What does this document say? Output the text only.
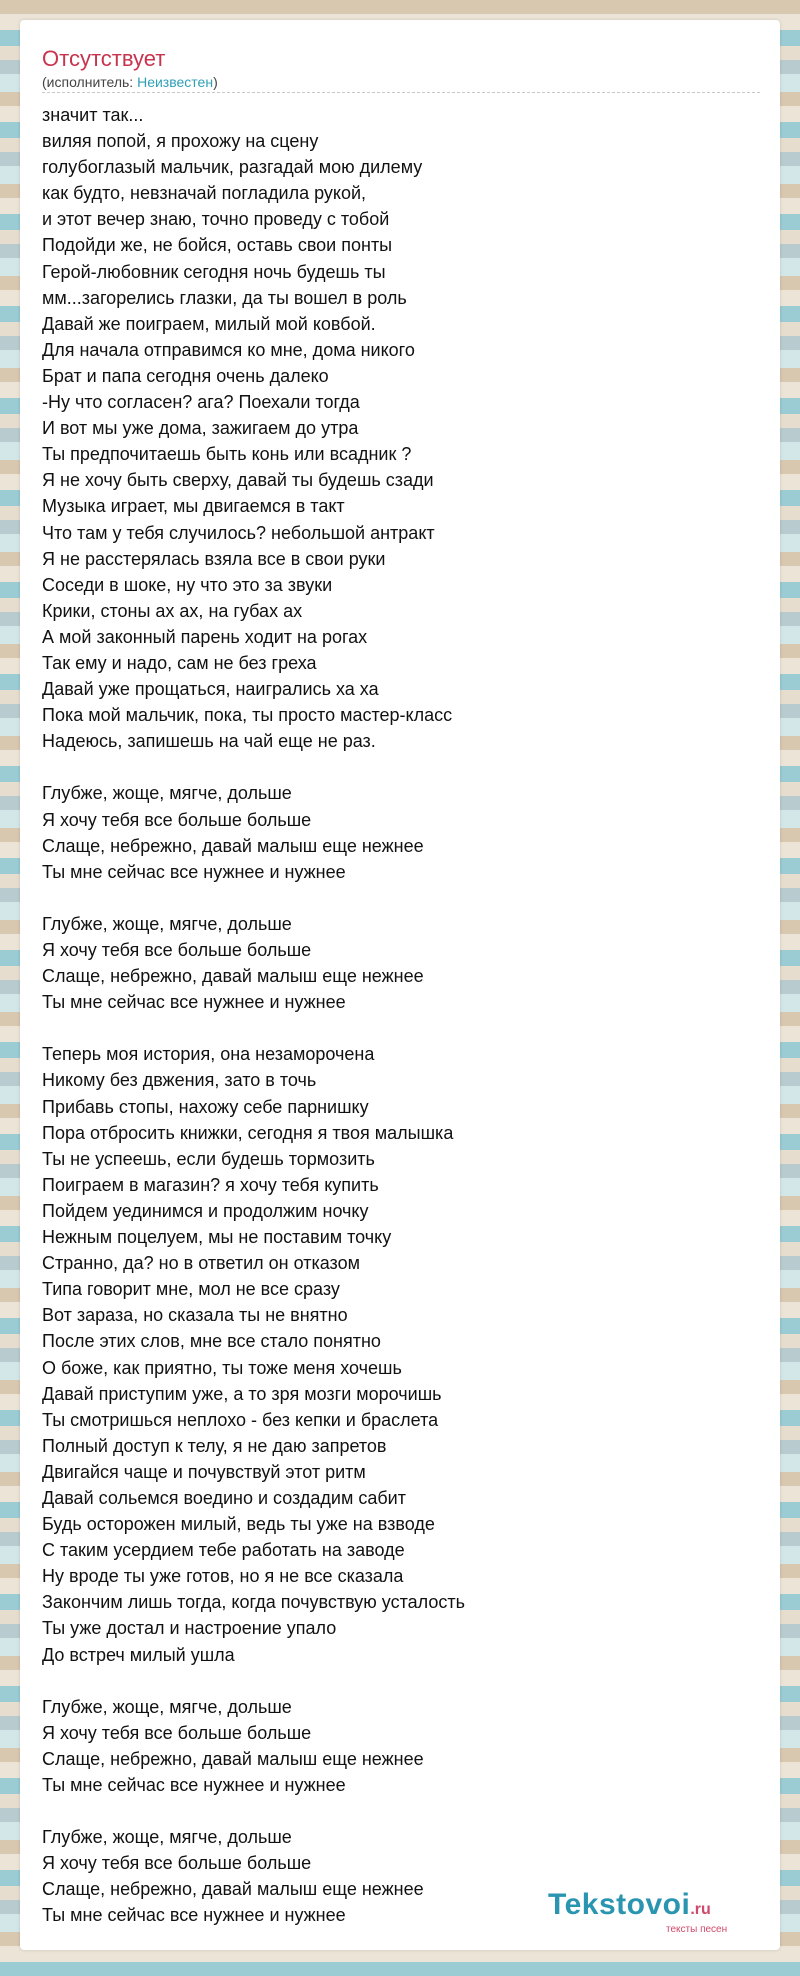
Отсутствует
(исполнитель: Неизвестен)
значит так...
виляя попой, я прохожу на сцену
голубоглазый мальчик, разгадай мою дилему
как будто, невзначай погладила рукой,
и этот вечер знаю, точно проведу с тобой
Подойди же, не бойся, оставь свои понты
Герой-любовник сегодня ночь будешь ты
мм...загорелись глазки, да ты вошел в роль
Давай же поиграем, милый мой ковбой.
Для начала отправимся ко мне, дома никого
Брат и папа сегодня очень далеко
-Ну что согласен? ага? Поехали тогда
И вот мы уже дома, зажигаем до утра
Ты предпочитаешь быть конь или всадник ?
Я не хочу быть сверху, давай ты будешь сзади
Музыка играет, мы двигаемся в такт
Что там у тебя случилось? небольшой антракт
Я не расстерялась взяла все в свои руки
Соседи в шоке, ну что это за звуки
Крики, стоны ах ах, на губах ах
А мой законный парень ходит на рогах
Так ему и надо, сам не без греха
Давай уже прощаться, наигрались ха ха
Пока мой мальчик, пока, ты просто мастер-класс
Надеюсь, запишешь на чай еще не раз.
Глубже, жоще, мягче, дольше
Я хочу тебя все больше больше
Слаще, небрежно, давай малыш еще нежнее
Ты мне сейчас все нужнее и нужнее
Глубже, жоще, мягче, дольше
Я хочу тебя все больше больше
Слаще, небрежно, давай малыш еще нежнее
Ты мне сейчас все нужнее и нужнее
Теперь моя история, она незаморочена
Никому без двжения, зато в точь
Прибавь стопы, нахожу себе парнишку
Пора отбросить книжки, сегодня я твоя малышка
Ты не успеешь, если будешь тормозить
Поиграем в магазин? я хочу тебя купить
Пойдем уединимся и продолжим ночку
Нежным поцелуем, мы не поставим точку
Странно, да? но в ответил он отказом
Типа говорит мне, мол не все сразу
Вот зараза, но сказала ты не внятно
После этих слов, мне все стало понятно
О боже, как приятно, ты тоже меня хочешь
Давай приступим уже, а то зря мозги морочишь
Ты смотришься неплохо - без кепки и браслета
Полный доступ к телу, я не даю запретов
Двигайся чаще и почувствуй этот ритм
Давай сольемся воедино и создадим сабит
Будь осторожен милый, ведь ты уже на взводе
С таким усердием тебе работать на заводе
Ну вроде ты уже готов, но я не все сказала
Закончим лишь тогда, когда почувствую усталость
Ты уже достал и настроение упало
До встреч милый ушла
Глубже, жоще, мягче, дольше
Я хочу тебя все больше больше
Слаще, небрежно, давай малыш еще нежнее
Ты мне сейчас все нужнее и нужнее
Глубже, жоще, мягче, дольше
Я хочу тебя все больше больше
Слаще, небрежно, давай малыш еще нежнее
Ты мне сейчас все нужнее и нужнее	Tekstovoi.ru
тексты песен
